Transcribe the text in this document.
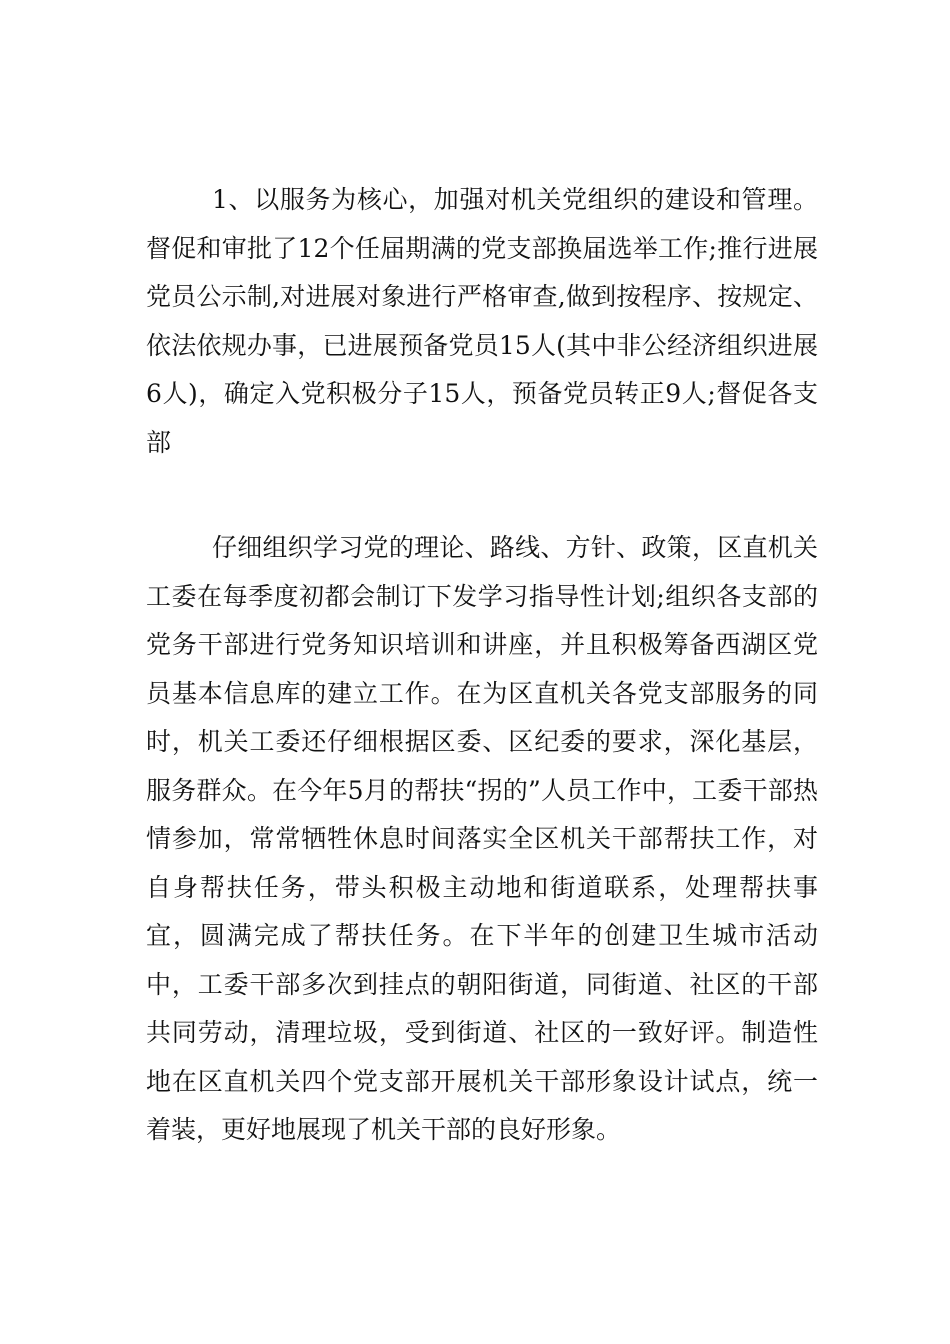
1、以服务为核心，加强对机关党组织的建设和管理。督促和审批了12个任届期满的党支部换届选举工作;推行进展党员公示制,对进展对象进行严格审查,做到按程序、按规定、依法依规办事，已进展预备党员15人(其中非公经济组织进展6人)，确定入党积极分子15人，预备党员转正9人;督促各支部

仔细组织学习党的理论、路线、方针、政策，区直机关工委在每季度初都会制订下发学习指导性计划;组织各支部的党务干部进行党务知识培训和讲座，并且积极筹备西湖区党员基本信息库的建立工作。在为区直机关各党支部服务的同时，机关工委还仔细根据区委、区纪委的要求，深化基层，服务群众。在今年5月的帮扶“拐的”人员工作中，工委干部热情参加，常常牺牲休息时间落实全区机关干部帮扶工作，对自身帮扶任务，带头积极主动地和街道联系，处理帮扶事宜，圆满完成了帮扶任务。在下半年的创建卫生城市活动中，工委干部多次到挂点的朝阳街道，同街道、社区的干部共同劳动，清理垃圾，受到街道、社区的一致好评。制造性地在区直机关四个党支部开展机关干部形象设计试点，统一着装，更好地展现了机关干部的良好形象。
